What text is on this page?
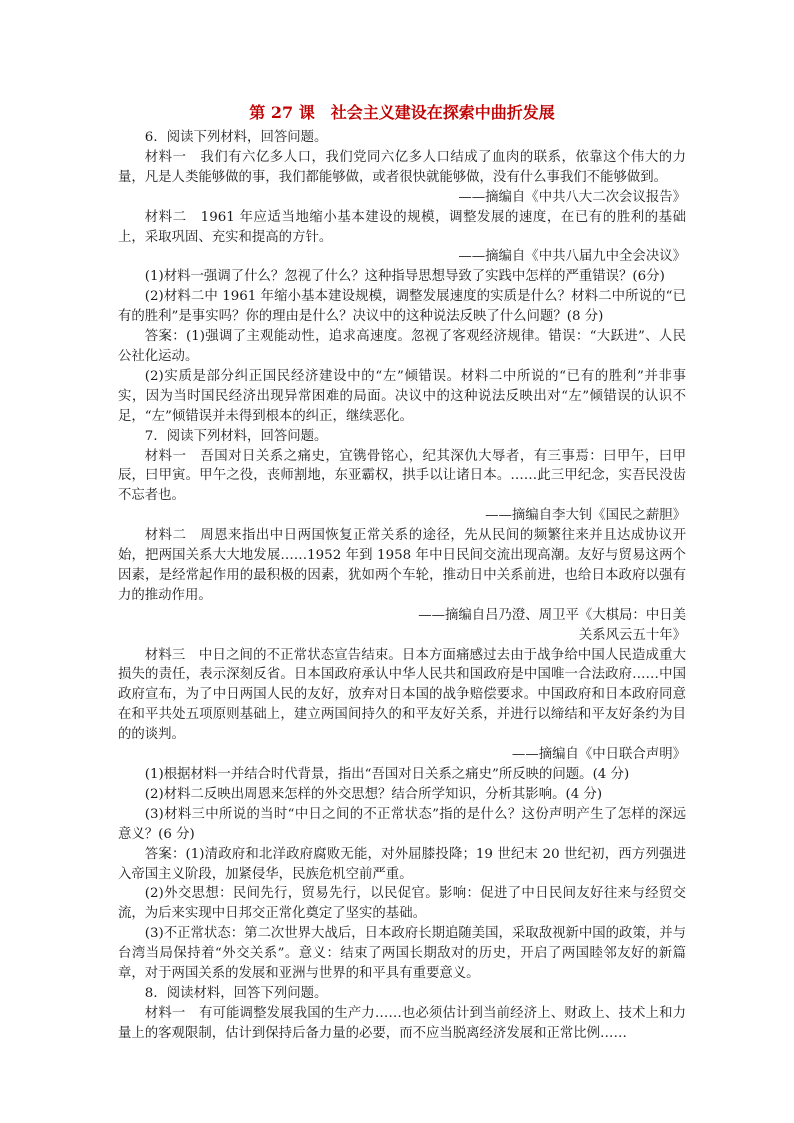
第 27 课　社会主义建设在探索中曲折发展

6．阅读下列材料，回答问题。

材料一　我们有六亿多人口，我们党同六亿多人口结成了血肉的联系，依靠这个伟大的力量，凡是人类能够做的事，我们都能够做，或者很快就能够做，没有什么事我们不能够做到。

——摘编自《中共八大二次会议报告》

材料二　1961 年应适当地缩小基本建设的规模，调整发展的速度，在已有的胜利的基础上，采取巩固、充实和提高的方针。

——摘编自《中共八届九中全会决议》

(1)材料一强调了什么？忽视了什么？这种指导思想导致了实践中怎样的严重错误？(6分)

(2)材料二中 1961 年缩小基本建设规模，调整发展速度的实质是什么？材料二中所说的“已有的胜利”是事实吗？你的理由是什么？决议中的这种说法反映了什么问题？(8 分)

答案：(1)强调了主观能动性，追求高速度。忽视了客观经济规律。错误：“大跃进”、人民公社化运动。

(2)实质是部分纠正国民经济建设中的“左”倾错误。材料二中所说的“已有的胜利”并非事实，因为当时国民经济出现异常困难的局面。决议中的这种说法反映出对“左”倾错误的认识不足，“左”倾错误并未得到根本的纠正，继续恶化。

7．阅读下列材料，回答问题。

材料一　吾国对日关系之痛史，宜镌骨铭心，纪其深仇大辱者，有三事焉：曰甲午，曰甲辰，曰甲寅。甲午之役，丧师割地，东亚霸权，拱手以让诸日本。……此三甲纪念，实吾民没齿不忘者也。

——摘编自李大钊《国民之薪胆》

材料二　周恩来指出中日两国恢复正常关系的途径，先从民间的频繁往来并且达成协议开始，把两国关系大大地发展……1952 年到 1958 年中日民间交流出现高潮。友好与贸易这两个因素，是经常起作用的最积极的因素，犹如两个车轮，推动日中关系前进，也给日本政府以强有力的推动作用。

——摘编自吕乃澄、周卫平《大棋局：中日美关系风云五十年》

材料三　中日之间的不正常状态宣告结束。日本方面痛感过去由于战争给中国人民造成重大损失的责任，表示深刻反省。日本国政府承认中华人民共和国政府是中国唯一合法政府……中国政府宣布，为了中日两国人民的友好，放弃对日本国的战争赔偿要求。中国政府和日本政府同意在和平共处五项原则基础上，建立两国间持久的和平友好关系，并进行以缔结和平友好条约为目的的谈判。

——摘编自《中日联合声明》

(1)根据材料一并结合时代背景，指出“吾国对日关系之痛史”所反映的问题。(4 分)

(2)材料二反映出周恩来怎样的外交思想？结合所学知识，分析其影响。(4 分)

(3)材料三中所说的当时“中日之间的不正常状态”指的是什么？这份声明产生了怎样的深远意义？(6 分)

答案：(1)清政府和北洋政府腐败无能，对外屈膝投降；19 世纪末 20 世纪初，西方列强进入帝国主义阶段，加紧侵华，民族危机空前严重。

(2)外交思想：民间先行，贸易先行，以民促官。影响：促进了中日民间友好往来与经贸交流，为后来实现中日邦交正常化奠定了坚实的基础。

(3)不正常状态：第二次世界大战后，日本政府长期追随美国，采取敌视新中国的政策，并与台湾当局保持着“外交关系”。意义：结束了两国长期敌对的历史，开启了两国睦邻友好的新篇章，对于两国关系的发展和亚洲与世界的和平具有重要意义。

8．阅读材料，回答下列问题。

材料一　有可能调整发展我国的生产力……也必须估计到当前经济上、财政上、技术上和力量上的客观限制，估计到保持后备力量的必要，而不应当脱离经济发展和正常比例……
